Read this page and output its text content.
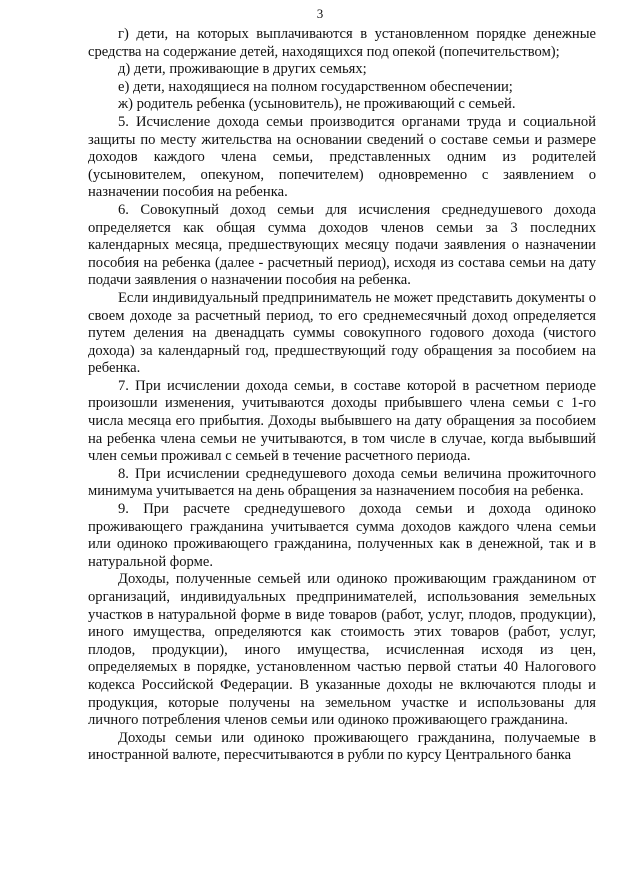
3

г) дети, на которых выплачиваются в установленном порядке денежные средства на содержание детей, находящихся под опекой (попечительством);

д) дети, проживающие в других семьях;

е) дети, находящиеся на полном государственном обеспечении;

ж) родитель ребенка (усыновитель), не проживающий с семьей.

5. Исчисление дохода семьи производится органами труда и социальной защиты по месту жительства на основании сведений о составе семьи и размере доходов каждого члена семьи, представленных одним из родителей (усыновителем, опекуном, попечителем) одновременно с заявлением о назначении пособия на ребенка.

6. Совокупный доход семьи для исчисления среднедушевого дохода определяется как общая сумма доходов членов семьи за 3 последних календарных месяца, предшествующих месяцу подачи заявления о назначении пособия на ребенка (далее - расчетный период), исходя из состава семьи на дату подачи заявления о назначении пособия на ребенка.

Если индивидуальный предприниматель не может представить документы о своем доходе за расчетный период, то его среднемесячный доход определяется путем деления на двенадцать суммы совокупного годового дохода (чистого дохода) за календарный год, предшествующий году обращения за пособием на ребенка.

7. При исчислении дохода семьи, в составе которой в расчетном периоде произошли изменения, учитываются доходы прибывшего члена семьи с 1-го числа месяца его прибытия. Доходы выбывшего на дату обращения за пособием на ребенка члена семьи не учитываются, в том числе в случае, когда выбывший член семьи проживал с семьей в течение расчетного периода.

8. При исчислении среднедушевого дохода семьи величина прожиточного минимума учитывается на день обращения за назначением пособия на ребенка.

9. При расчете среднедушевого дохода семьи и дохода одиноко проживающего гражданина учитывается сумма доходов каждого члена семьи или одиноко проживающего гражданина, полученных как в денежной, так и в натуральной форме.

Доходы, полученные семьей или одиноко проживающим гражданином от организаций, индивидуальных предпринимателей, использования земельных участков в натуральной форме в виде товаров (работ, услуг, плодов, продукции), иного имущества, определяются как стоимость этих товаров (работ, услуг, плодов, продукции), иного имущества, исчисленная исходя из цен, определяемых в порядке, установленном частью первой статьи 40 Налогового кодекса Российской Федерации. В указанные доходы не включаются плоды и продукция, которые получены на земельном участке и использованы для личного потребления членов семьи или одиноко проживающего гражданина.

Доходы семьи или одиноко проживающего гражданина, получаемые в иностранной валюте, пересчитываются в рубли по курсу Центрального банка
